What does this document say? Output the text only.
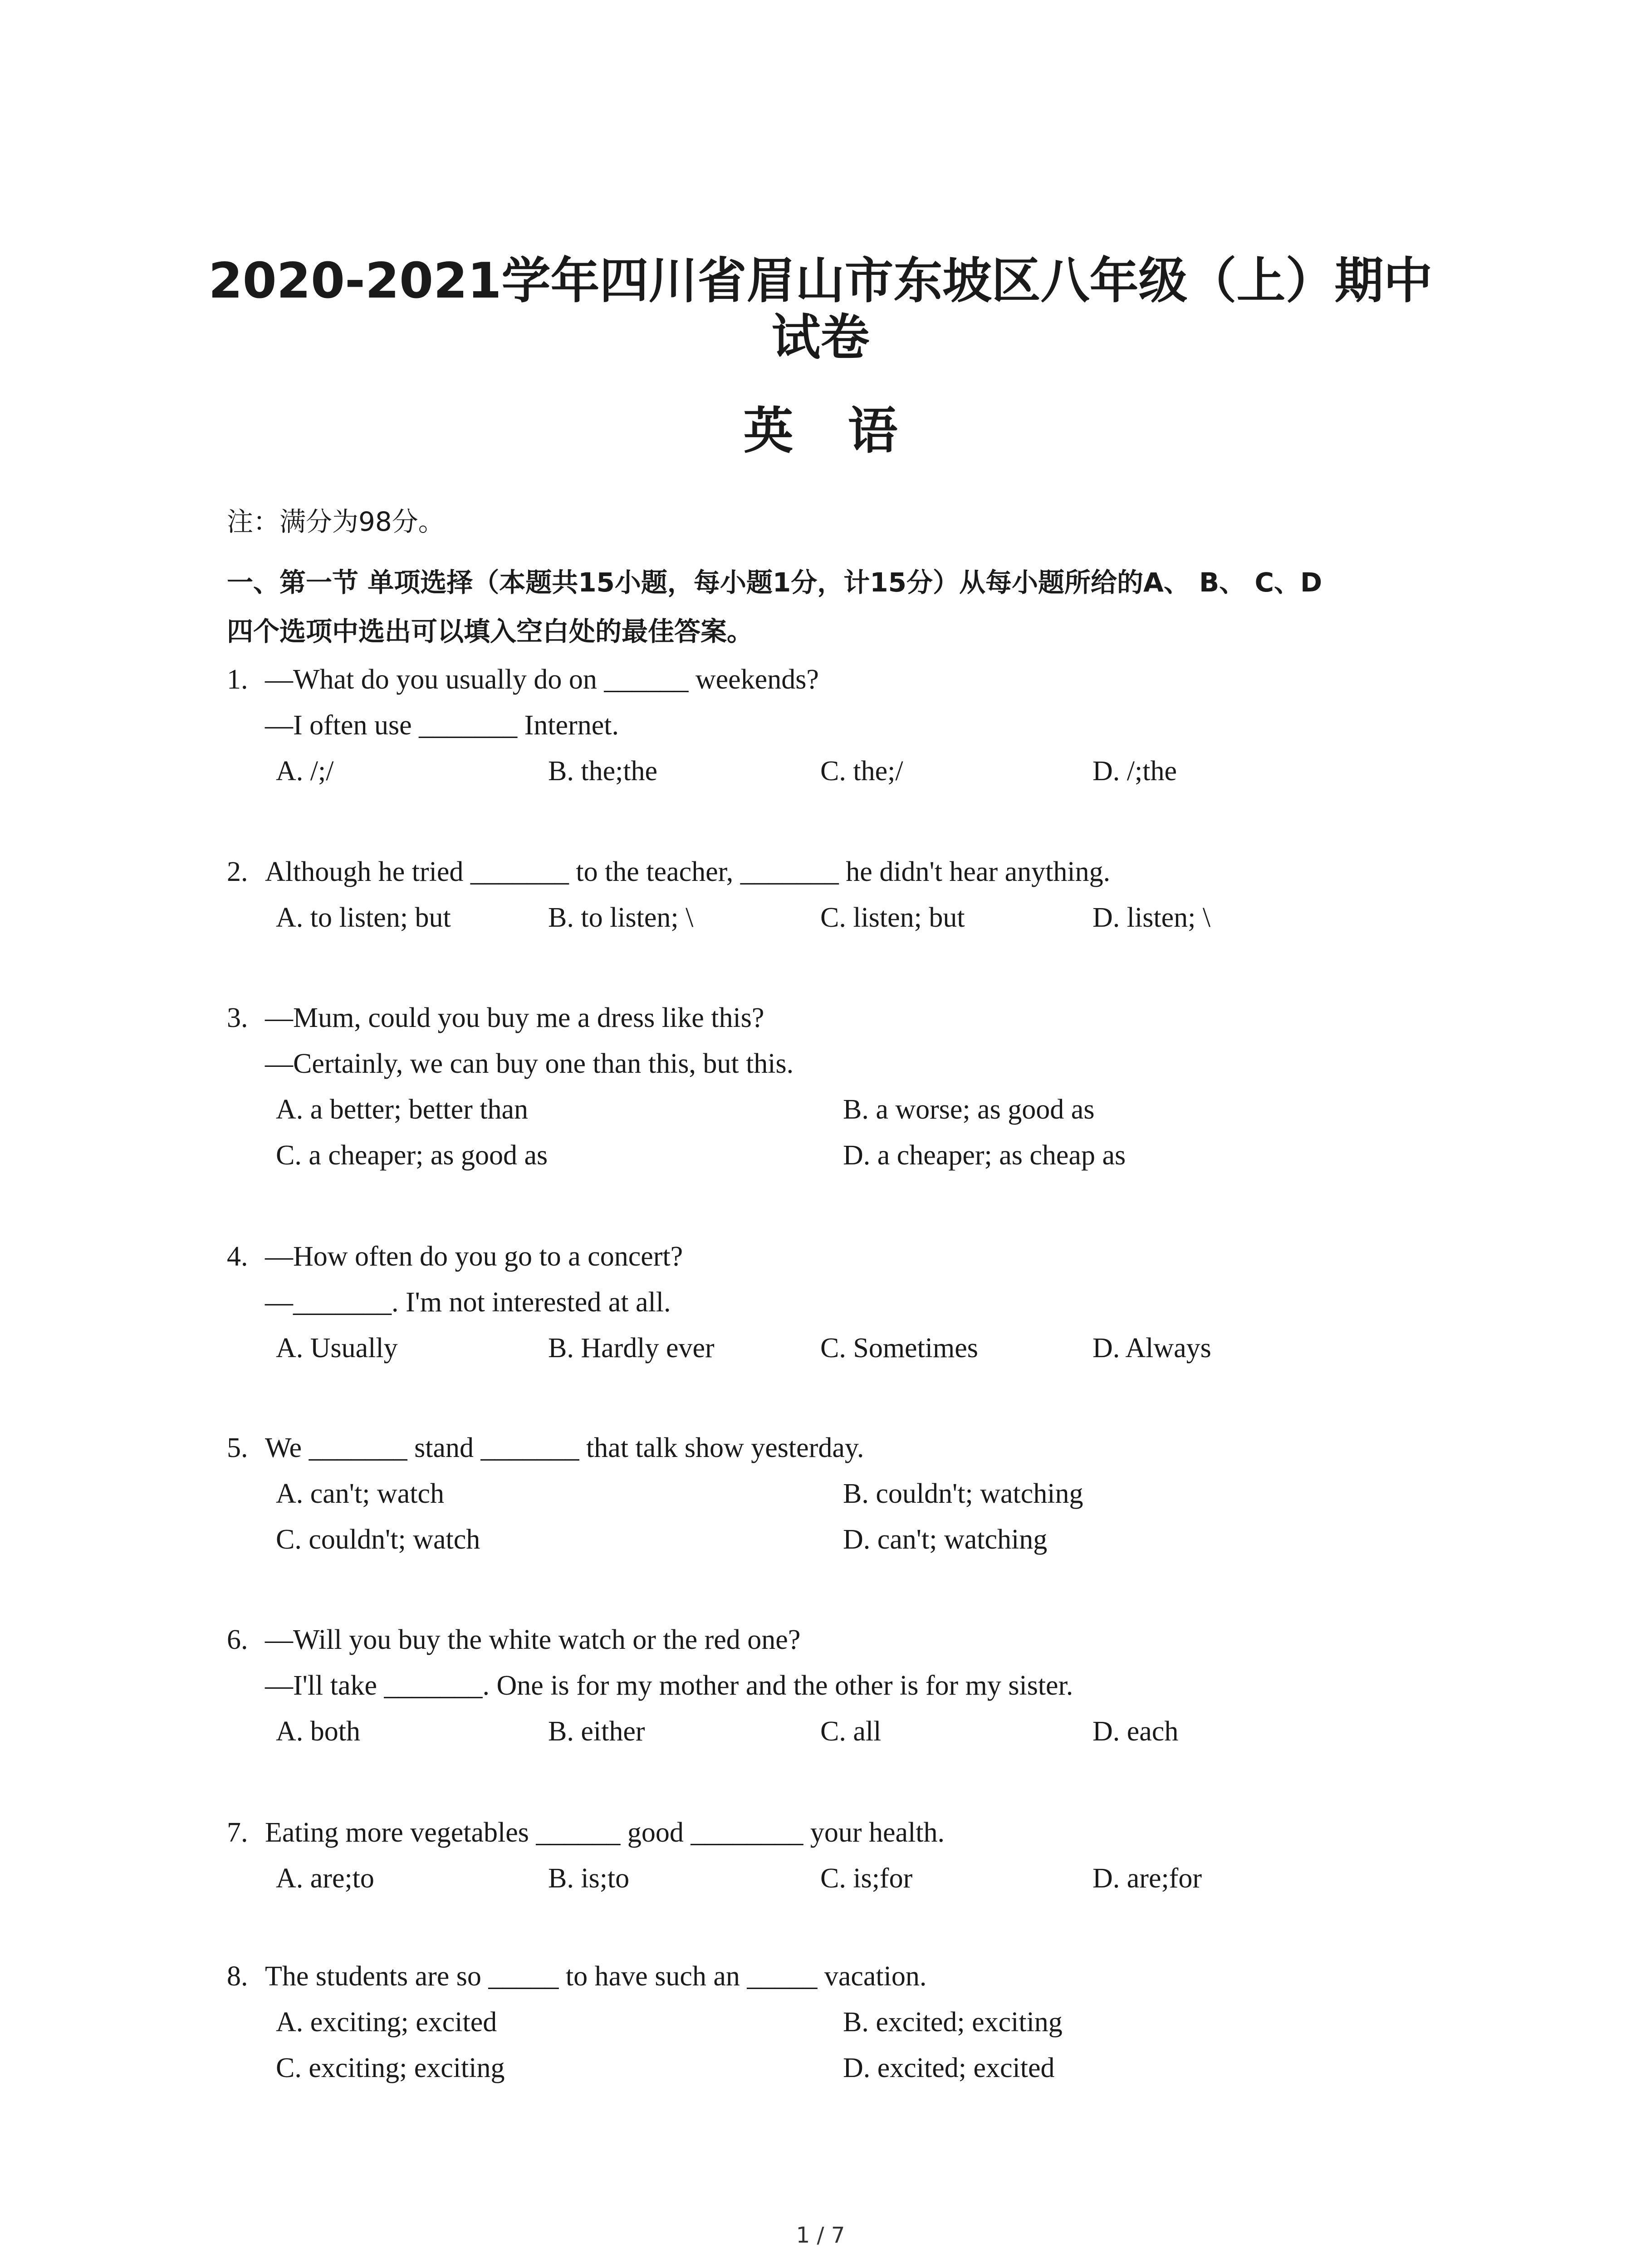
2020-2021学年四川省眉山市东坡区八年级（上）期中
试卷
英语

注：满分为98分。

一、第一节 单项选择（本题共15小题，每小题1分，计15分）从每小题所给的A、 B、 C、D
四个选项中选出可以填入空白处的最佳答案。
1. —What do you usually do on ______ weekends?
—I often use _______ Internet.
A. /;/	B. the;the	C. the;/	D. /;the
2. Although he tried _______ to the teacher, _______ he didn't hear anything.
A. to listen; but	B. to listen; \	C. listen; but	D. listen; \
3. —Mum, could you buy me a dress like this?
—Certainly, we can buy one than this, but this.
A. a better; better than	B. a worse; as good as
C. a cheaper; as good as	D. a cheaper; as cheap as
4. —How often do you go to a concert?
—_______. I'm not interested at all.
A. Usually	B. Hardly ever	C. Sometimes	D. Always
5. We _______ stand _______ that talk show yesterday.
A. can't; watch	B. couldn't; watching
C. couldn't; watch	D. can't; watching
6. —Will you buy the white watch or the red one?
—I'll take _______. One is for my mother and the other is for my sister.
A. both	B. either	C. all	D. each
7. Eating more vegetables ______ good ________ your health.
A. are;to	B. is;to	C. is;for	D. are;for
8. The students are so _____ to have such an _____ vacation.
A. exciting; excited	B. excited; exciting
C. exciting; exciting	D. excited; excited

1 / 7
